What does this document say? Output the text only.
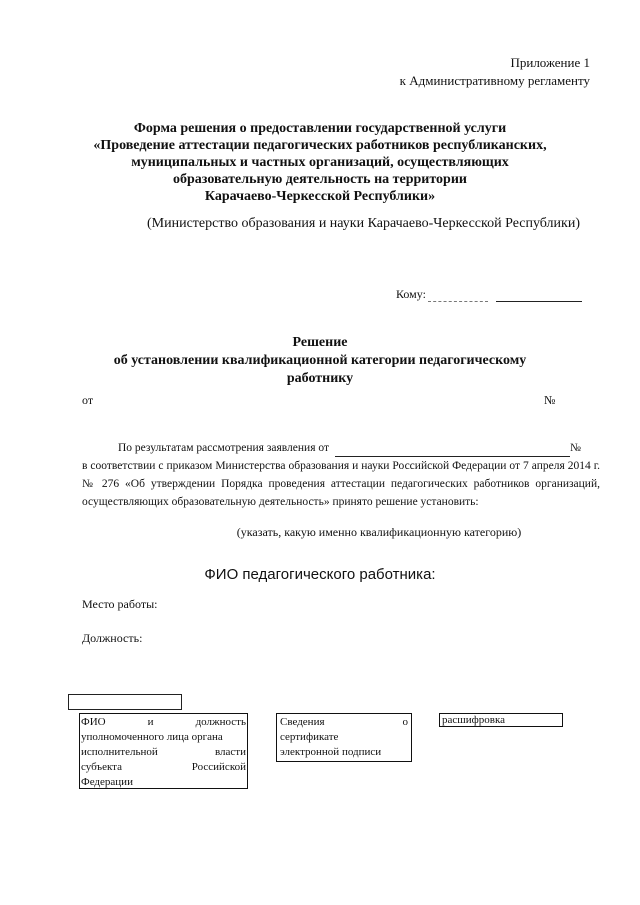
Приложение 1
к Административному регламенту
Форма решения о предоставлении государственной услуги
«Проведение аттестации педагогических работников республиканских,
муниципальных и частных организаций, осуществляющих
образовательную деятельность на территории
Карачаево-Черкесской Республики»
(Министерство образования и науки Карачаево-Черкесской Республики)
Кому:
Решение
об установлении квалификационной категории педагогическому
работнику
от	№
По результатам рассмотрения заявления от	№
в соответствии с приказом Министерства образования и науки Российской Федерации от 7 апреля 2014 г. № 276 «Об утверждении Порядка проведения аттестации педагогических работников организаций, осуществляющих образовательную деятельность» принято решение установить:
(указать, какую именно квалификационную категорию)
ФИО педагогического работника:
Место работы:
Должность:
ФИО	и	должность
уполномоченного лица органа
исполнительной	власти
субъекта	Российской
Федерации
Сведения	о
сертификате
электронной подписи
расшифровка
